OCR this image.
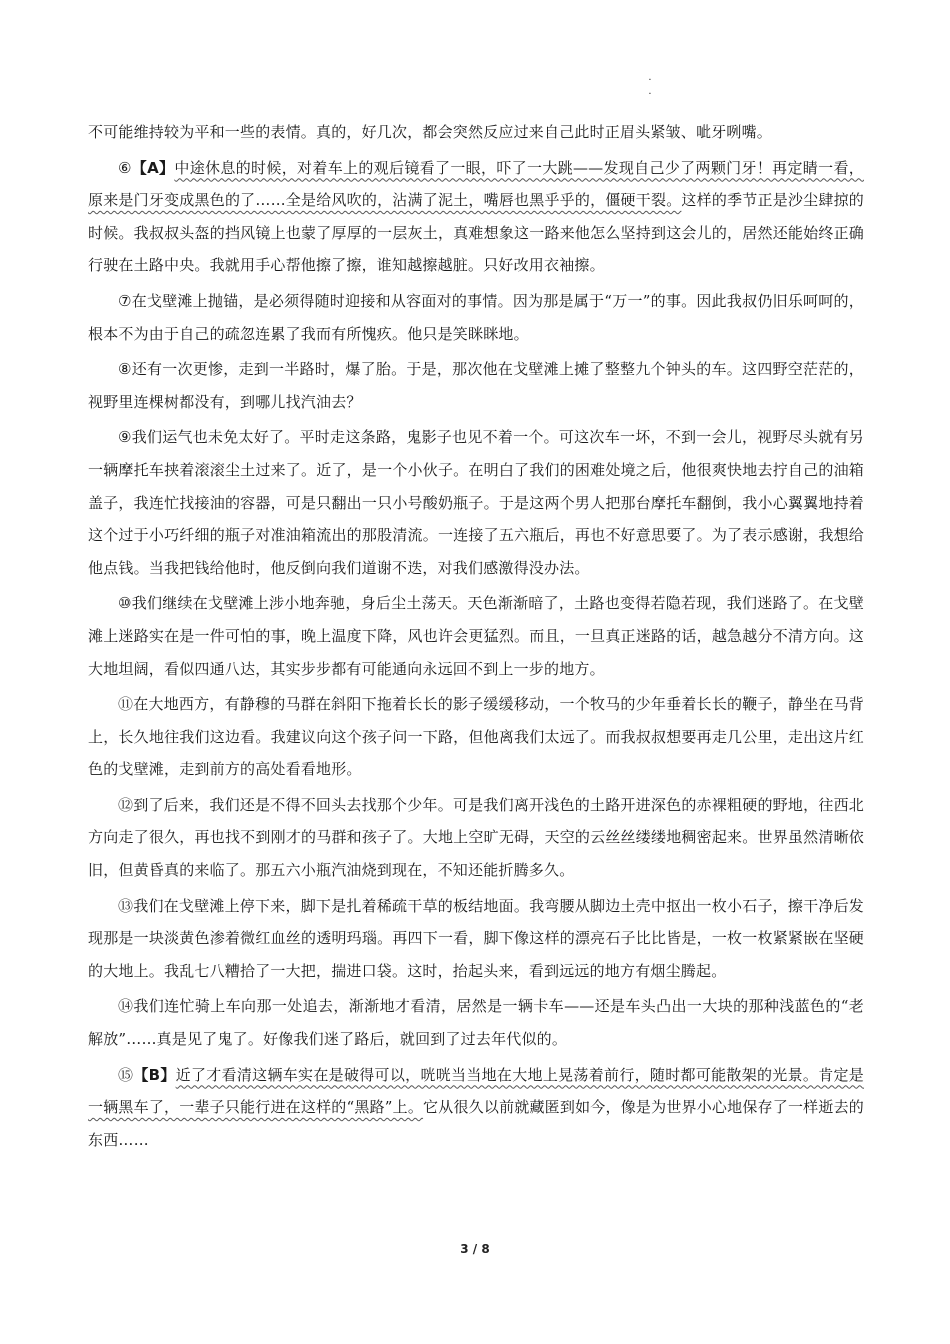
·
·

不可能维持较为平和一些的表情。真的，好几次，都会突然反应过来自己此时正眉头紧皱、呲牙咧嘴。

⑥【A】中途休息的时候，对着车上的观后镜看了一眼，吓了一大跳——发现自己少了两颗门牙！再定睛一看，原来是门牙变成黑色的了……全是给风吹的，沾满了泥土，嘴唇也黑乎乎的，僵硬干裂。这样的季节正是沙尘肆掠的时候。我叔叔头盔的挡风镜上也蒙了厚厚的一层灰土，真难想象这一路来他怎么坚持到这会儿的，居然还能始终正确行驶在土路中央。我就用手心帮他擦了擦，谁知越擦越脏。只好改用衣袖擦。

⑦在戈壁滩上抛锚，是必须得随时迎接和从容面对的事情。因为那是属于“万一”的事。因此我叔仍旧乐呵呵的，根本不为由于自己的疏忽连累了我而有所愧疚。他只是笑眯眯地。

⑧还有一次更惨，走到一半路时，爆了胎。于是，那次他在戈壁滩上摊了整整九个钟头的车。这四野空茫茫的，视野里连棵树都没有，到哪儿找汽油去？

⑨我们运气也未免太好了。平时走这条路，鬼影子也见不着一个。可这次车一坏，不到一会儿，视野尽头就有另一辆摩托车挟着滚滚尘土过来了。近了，是一个小伙子。在明白了我们的困难处境之后，他很爽快地去拧自己的油箱盖子，我连忙找接油的容器，可是只翻出一只小号酸奶瓶子。于是这两个男人把那台摩托车翻倒，我小心翼翼地持着这个过于小巧纤细的瓶子对准油箱流出的那股清流。一连接了五六瓶后，再也不好意思要了。为了表示感谢，我想给他点钱。当我把钱给他时，他反倒向我们道谢不迭，对我们感激得没办法。

⑩我们继续在戈壁滩上涉小地奔驰，身后尘土荡天。天色渐渐暗了，土路也变得若隐若现，我们迷路了。在戈壁滩上迷路实在是一件可怕的事，晚上温度下降，风也许会更猛烈。而且，一旦真正迷路的话，越急越分不清方向。这大地坦阔，看似四通八达，其实步步都有可能通向永远回不到上一步的地方。

⑪在大地西方，有静穆的马群在斜阳下拖着长长的影子缓缓移动，一个牧马的少年垂着长长的鞭子，静坐在马背上，长久地往我们这边看。我建议向这个孩子问一下路，但他离我们太远了。而我叔叔想要再走几公里，走出这片红色的戈壁滩，走到前方的高处看看地形。

⑫到了后来，我们还是不得不回头去找那个少年。可是我们离开浅色的土路开进深色的赤裸粗硬的野地，往西北方向走了很久，再也找不到刚才的马群和孩子了。大地上空旷无碍，天空的云丝丝缕缕地稠密起来。世界虽然清晰依旧，但黄昏真的来临了。那五六小瓶汽油烧到现在，不知还能折腾多久。

⑬我们在戈壁滩上停下来，脚下是扎着稀疏干草的板结地面。我弯腰从脚边土壳中抠出一枚小石子，擦干净后发现那是一块淡黄色渗着微红血丝的透明玛瑙。再四下一看，脚下像这样的漂亮石子比比皆是，一枚一枚紧紧嵌在坚硬的大地上。我乱七八糟拾了一大把，揣进口袋。这时，抬起头来，看到远远的地方有烟尘腾起。

⑭我们连忙骑上车向那一处追去，渐渐地才看清，居然是一辆卡车——还是车头凸出一大块的那种浅蓝色的“老解放”……真是见了鬼了。好像我们迷了路后，就回到了过去年代似的。

⑮【B】近了才看清这辆车实在是破得可以，咣咣当当地在大地上晃荡着前行，随时都可能散架的光景。肯定是一辆黑车了，一辈子只能行进在这样的“黑路”上。它从很久以前就藏匿到如今，像是为世界小心地保存了一样逝去的东西……

3 / 8
